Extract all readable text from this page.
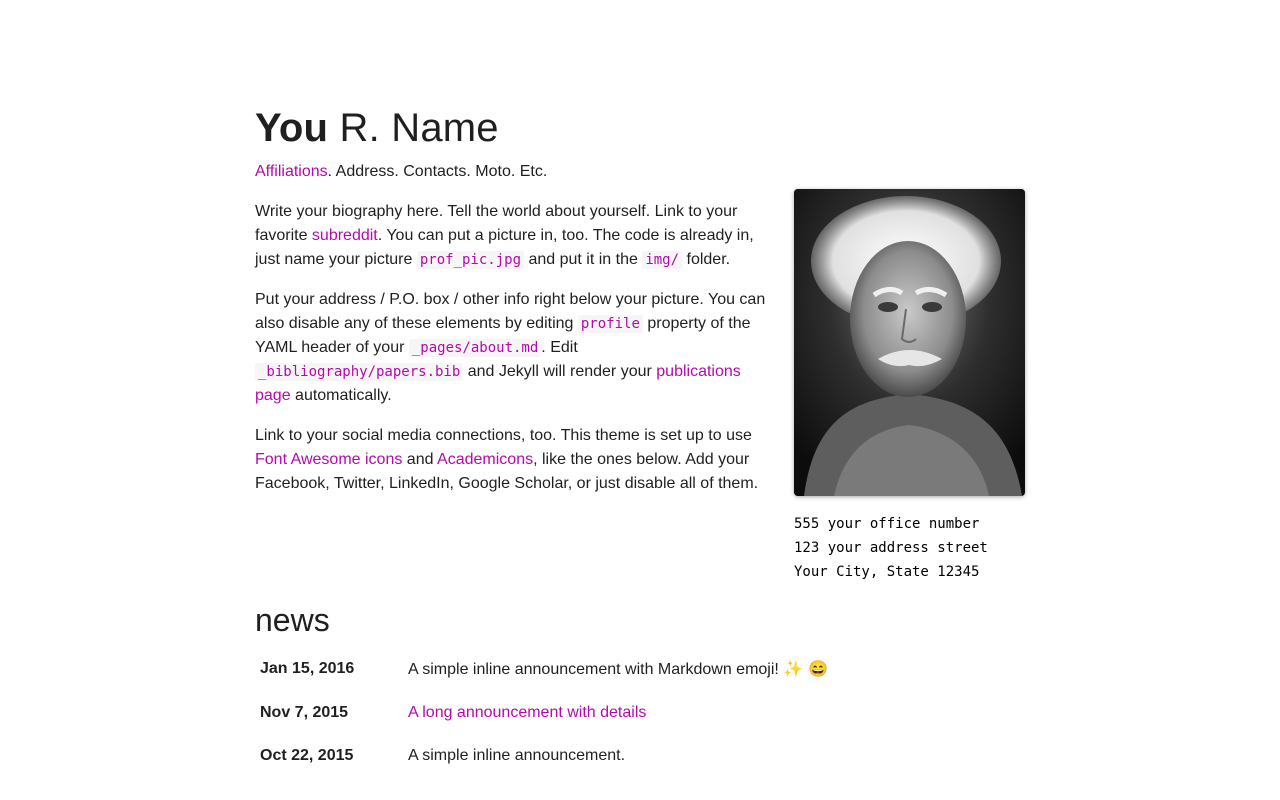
You R. Name
Affiliations. Address. Contacts. Moto. Etc.

Write your biography here. Tell the world about yourself. Link to your favorite subreddit. You can put a picture in, too. The code is already in, just name your picture prof_pic.jpg and put it in the img/ folder.

Put your address / P.O. box / other info right below your picture. You can also disable any of these elements by editing profile property of the YAML header of your _pages/about.md . Edit _bibliography/papers.bib and Jekyll will render your publications page automatically.

Link to your social media connections, too. This theme is set up to use Font Awesome icons and Academicons, like the ones below. Add your Facebook, Twitter, LinkedIn, Google Scholar, or just disable all of them.

555 your office number
123 your address street
Your City, State 12345
news
Jan 15, 2016	A simple inline announcement with Markdown emoji! ✨ 😄
Nov 7, 2015	A long announcement with details
Oct 22, 2015	A simple inline announcement.
